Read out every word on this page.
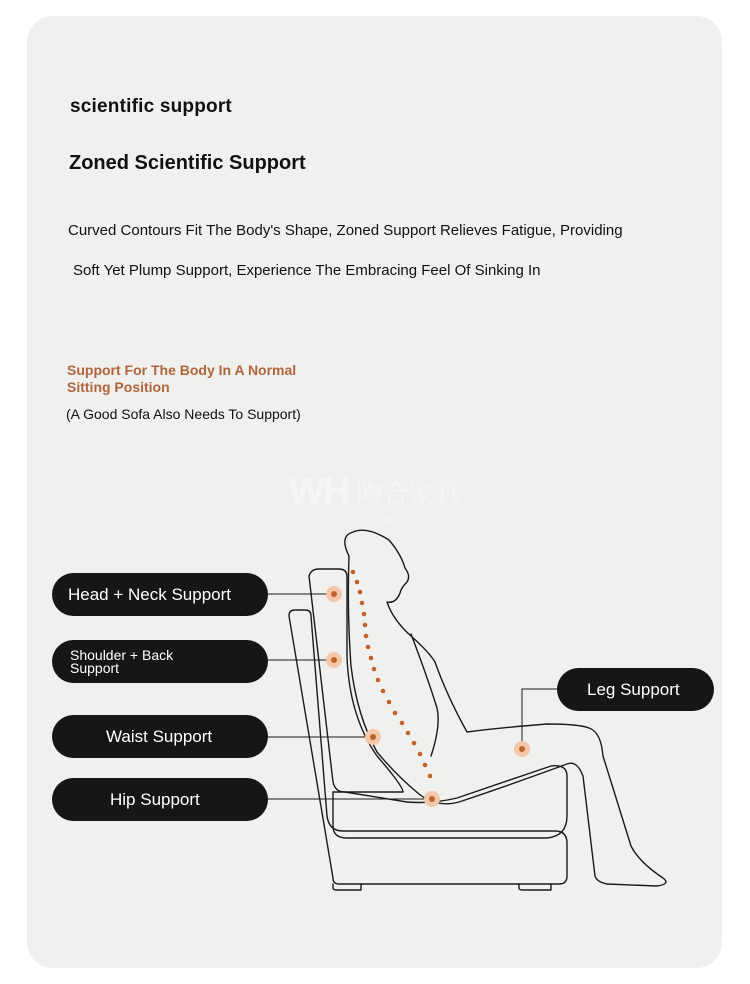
scientific support
Zoned Scientific Support
Curved Contours Fit The Body's Shape, Zoned Support Relieves Fatigue, Providing
Soft Yet Plump Support, Experience The Embracing Feel Of Sinking In
Support For The Body In A Normal Sitting Position
(A Good Sofa Also Needs To Support)
WH 吻合家具
COINCIDE
Head + Neck Support
Shoulder + Back Support
Waist Support
Hip Support
Leg Support
